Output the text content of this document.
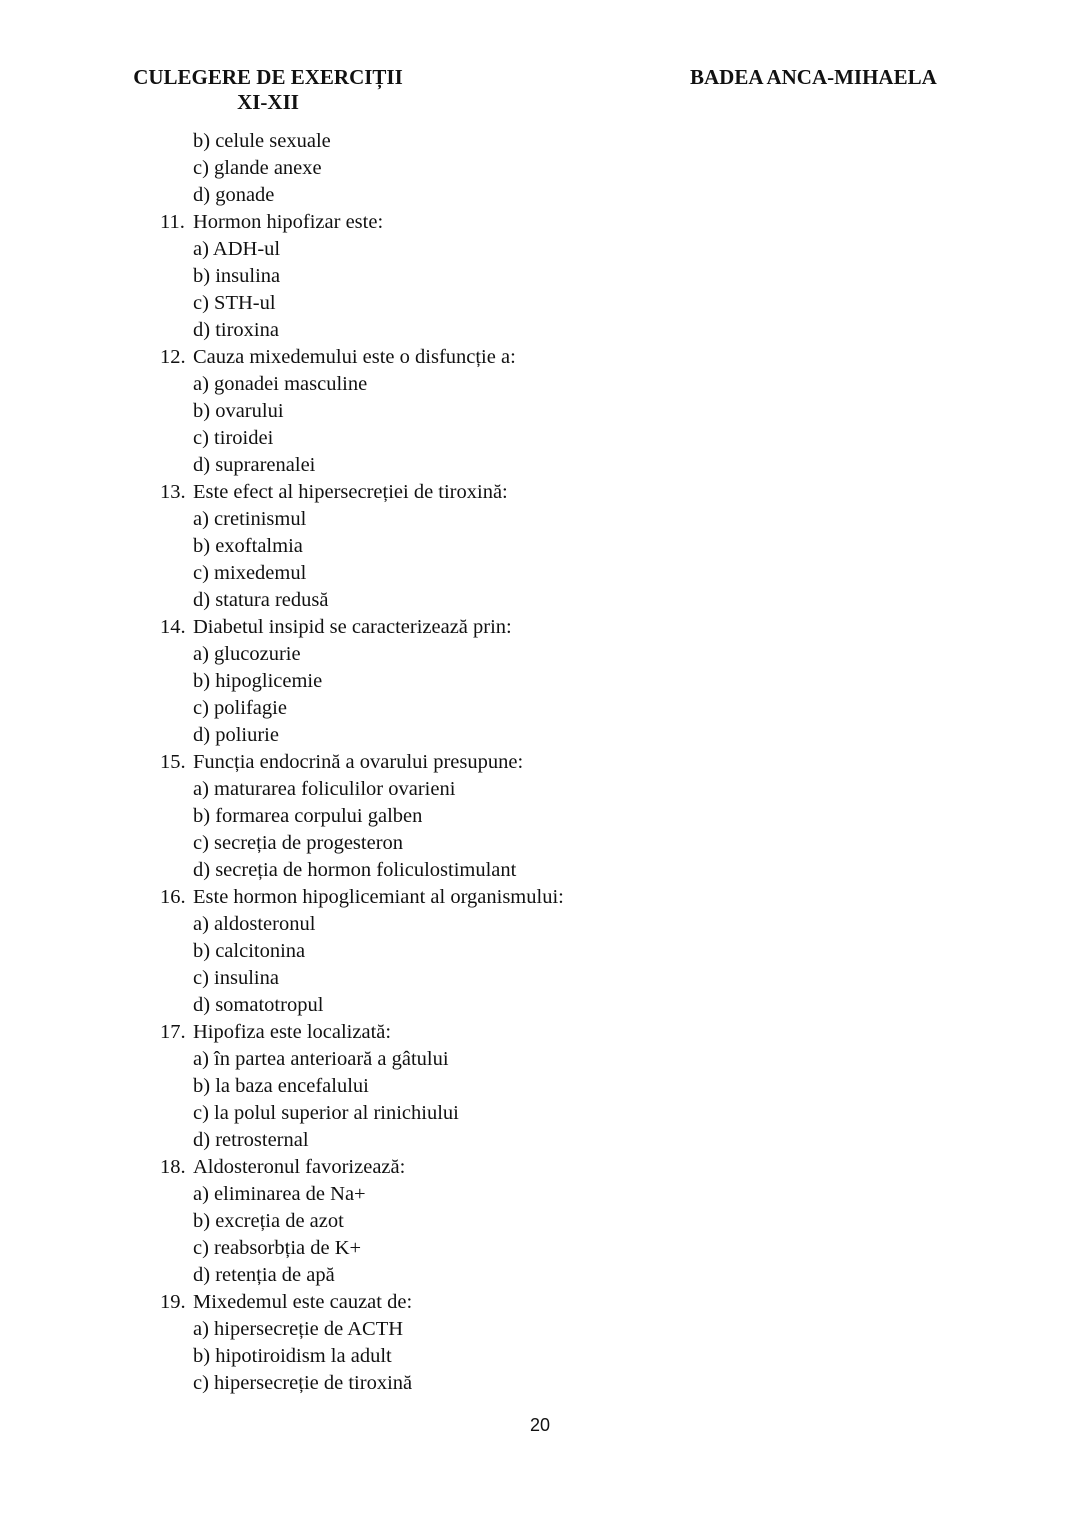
CULEGERE DE EXERCIȚII
XI-XII
BADEA ANCA-MIHAELA
b) celule sexuale
c) glande anexe
d) gonade
11. Hormon hipofizar este:
a) ADH-ul
b) insulina
c) STH-ul
d) tiroxina
12. Cauza mixedemului este o disfuncție a:
a) gonadei masculine
b) ovarului
c) tiroidei
d) suprarenalei
13. Este efect al hipersecreției de tiroxină:
a) cretinismul
b) exoftalmia
c) mixedemul
d) statura redusă
14. Diabetul insipid se caracterizează prin:
a) glucozurie
b) hipoglicemie
c) polifagie
d) poliurie
15. Funcția endocrină a ovarului presupune:
a) maturarea foliculilor ovarieni
b) formarea corpului galben
c) secreția de progesteron
d) secreția de hormon foliculostimulant
16. Este hormon hipoglicemiant al organismului:
a) aldosteronul
b) calcitonina
c) insulina
d) somatotropul
17. Hipofiza este localizată:
a) în partea anterioară a gâtului
b) la baza encefalului
c) la polul superior al rinichiului
d) retrosternal
18. Aldosteronul favorizează:
a) eliminarea de Na+
b) excreția de azot
c) reabsorbția de K+
d) retenția de apă
19. Mixedemul este cauzat de:
a) hipersecreție de ACTH
b) hipotiroidism la adult
c) hipersecreție de tiroxină
20
